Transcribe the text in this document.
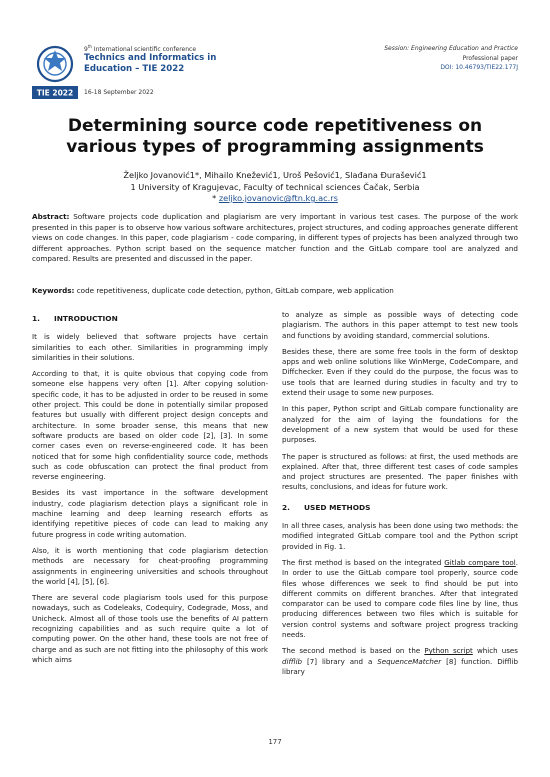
TIE 2022
9th International scientific conference
Technics and Informatics in Education – TIE 2022
16-18 September 2022
Session: Engineering Education and Practice
Professional paper
DOI: 10.46793/TIE22.177J
Determining source code repetitiveness on various types of programming assignments
Željko Jovanović1*, Mihailo Knežević1, Uroš Pešović1, Slađana Đurašević1
1 University of Kragujevac, Faculty of technical sciences Čačak, Serbia
* zeljko.jovanovic@ftn.kg.ac.rs
Abstract: Software projects code duplication and plagiarism are very important in various test cases. The purpose of the work presented in this paper is to observe how various software architectures, project structures, and coding approaches generate different views on code changes. In this paper, code plagiarism - code comparing, in different types of projects has been analyzed through two different approaches. Python script based on the sequence matcher function and the GitLab compare tool are analyzed and compared. Results are presented and discussed in the paper.
Keywords: code repetitiveness, duplicate code detection, python, GitLab compare, web application
1. INTRODUCTION

It is widely believed that software projects have certain similarities to each other. Similarities in programming imply similarities in their solutions.

According to that, it is quite obvious that copying code from someone else happens very often [1]. After copying solution-specific code, it has to be adjusted in order to be reused in some other project. This could be done in potentially similar proposed features but usually with different project design concepts and architecture. In some broader sense, this means that new software products are based on older code [2], [3]. In some corner cases even on reverse-engineered code. It has been noticed that for some high confidentiality source code, methods such as code obfuscation can protect the final product from reverse engineering.

Besides its vast importance in the software development industry, code plagiarism detection plays a significant role in machine learning and deep learning research efforts as identifying repetitive pieces of code can lead to making any future progress in code writing automation.

Also, it is worth mentioning that code plagiarism detection methods are necessary for cheat-proofing programming assignments in engineering universities and schools throughout the world [4], [5], [6].

There are several code plagiarism tools used for this purpose nowadays, such as Codeleaks, Codequiry, Codegrade, Moss, and Unicheck. Almost all of those tools use the benefits of AI pattern recognizing capabilities and as such require quite a lot of computing power. On the other hand, these tools are not free of charge and as such are not fitting into the philosophy of this work which aims

to analyze as simple as possible ways of detecting code plagiarism. The authors in this paper attempt to test new tools and functions by avoiding standard, commercial solutions.

Besides these, there are some free tools in the form of desktop apps and web online solutions like WinMerge, CodeCompare, and Diffchecker. Even if they could do the purpose, the focus was to use tools that are learned during studies in faculty and try to extend their usage to some new purposes.

In this paper, Python script and GitLab compare functionality are analyzed for the aim of laying the foundations for the development of a new system that would be used for these purposes.

The paper is structured as follows: at first, the used methods are explained. After that, three different test cases of code samples and project structures are presented. The paper finishes with results, conclusions, and ideas for future work.

2. USED METHODS

In all three cases, analysis has been done using two methods: the modified integrated GitLab compare tool and the Python script provided in Fig. 1.

The first method is based on the integrated Gitlab compare tool. In order to use the GitLab compare tool properly, source code files whose differences we seek to find should be put into different commits on different branches. After that integrated comparator can be used to compare code files line by line, thus producing differences between two files which is suitable for version control systems and software project progress tracking needs.

The second method is based on the Python script which uses difflib [7] library and a SequenceMatcher [8] function. Difflib library

177
